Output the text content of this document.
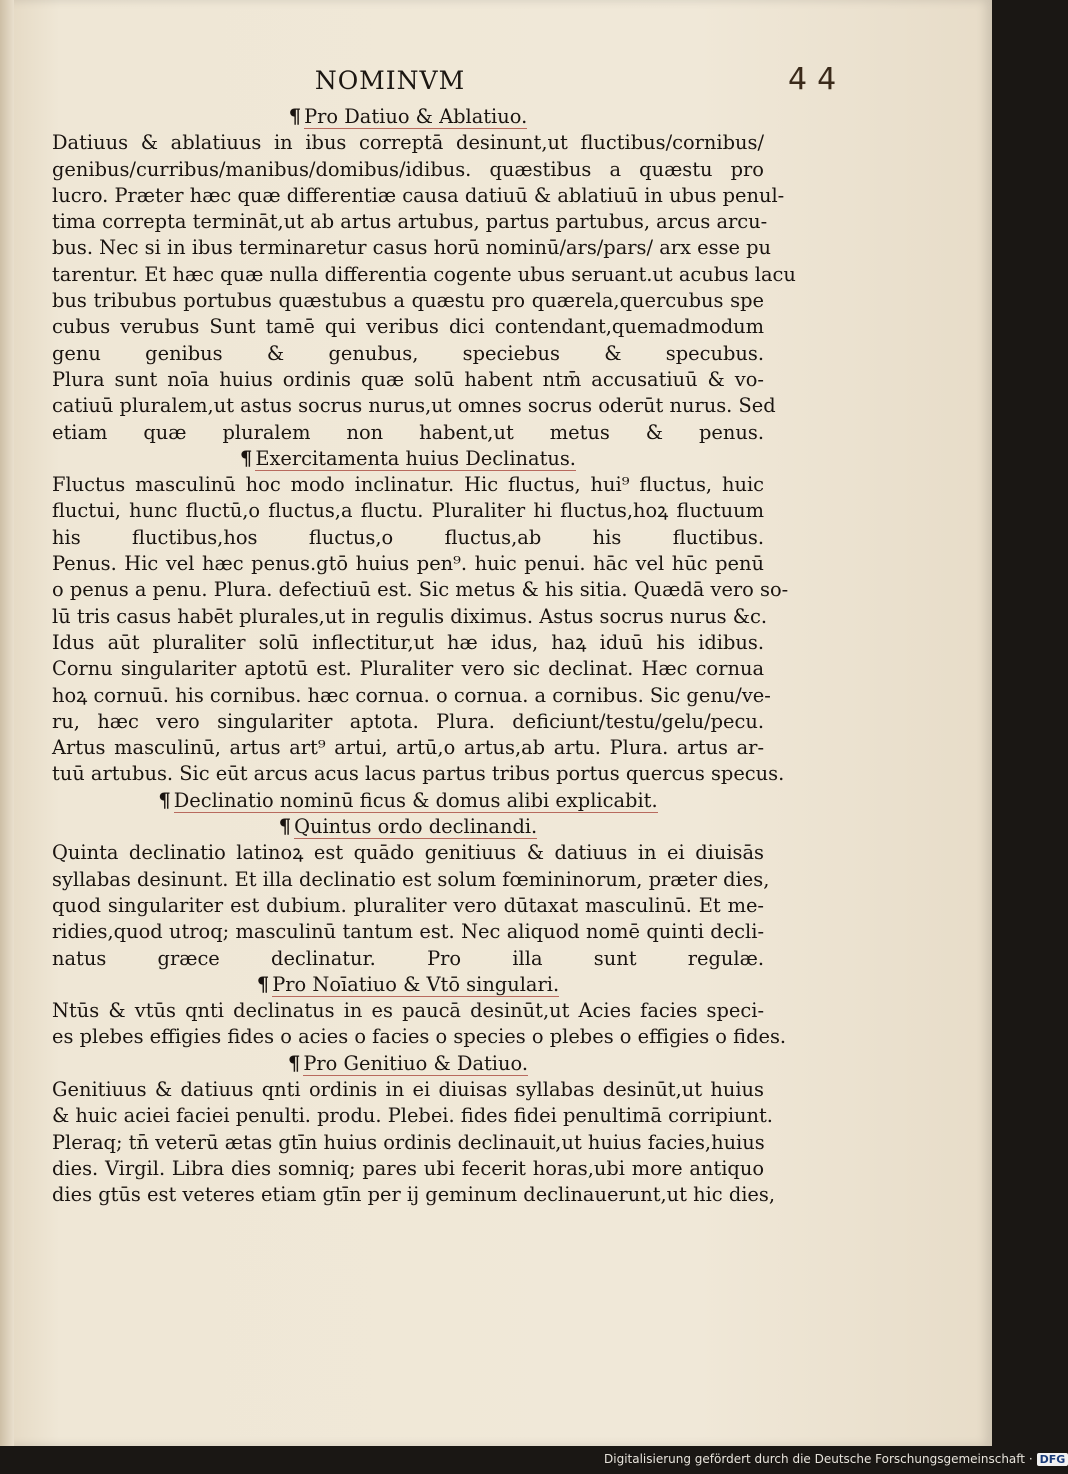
NOMINVM	44
¶ Pro Datiuo & Ablatiuo.
Datiuus & ablatiuus in ibus correptā desinunt,ut fluctibus/cornibus/
genibus/curribus/manibus/domibus/idibus. quæstibus a quæstu pro
lucro. Præter hæc quæ differentiæ causa datiuū & ablatiuū in ubus penul-
tima correpta termināt,ut ab artus artubus, partus partubus, arcus arcu-
bus. Nec si in ibus terminaretur casus horū nominū/ars/pars/ arx esse pu
tarentur. Et hæc quæ nulla differentia cogente ubus seruant.ut acubus lacu
bus tribubus portubus quæstubus a quæstu pro quærela,quercubus spe
cubus verubus Sunt tamē qui veribus dici contendant,quemadmodum
genu genibus & genubus, speciebus & specubus.
Plura sunt noīa huius ordinis quæ solū habent ntm̄ accusatiuū & vo-
catiuū pluralem,ut astus socrus nurus,ut omnes socrus oderūt nurus. Sed
etiam quæ pluralem non habent,ut metus & penus.
¶ Exercitamenta huius Declinatus.
Fluctus masculinū hoc modo inclinatur. Hic fluctus, hui⁹ fluctus, huic
fluctui, hunc fluctū,o fluctus,a fluctu. Pluraliter hi fluctus,hoꝝ fluctuum
his fluctibus,hos fluctus,o fluctus,ab his fluctibus.
Penus. Hic vel hæc penus.gtō huius pen⁹. huic penui. hāc vel hūc penū
o penus a penu. Plura. defectiuū est. Sic metus & his sitia. Quædā vero so-
lū tris casus habēt plurales,ut in regulis diximus. Astus socrus nurus &c.
Idus aūt pluraliter solū inflectitur,ut hæ idus, haꝝ iduū his idibus.
Cornu singulariter aptotū est. Pluraliter vero sic declinat. Hæc cornua
hoꝝ cornuū. his cornibus. hæc cornua. o cornua. a cornibus. Sic genu/ve-
ru, hæc vero singulariter aptota. Plura. deficiunt/testu/gelu/pecu.
Artus masculinū, artus art⁹ artui, artū,o artus,ab artu. Plura. artus ar-
tuū artubus. Sic eūt arcus acus lacus partus tribus portus quercus specus.
¶ Declinatio nominū ficus & domus alibi explicabit.
¶ Quintus ordo declinandi.
Quinta declinatio latinoꝝ est quādo genitiuus & datiuus in ei diuisās
syllabas desinunt. Et illa declinatio est solum fœmininorum, præter dies,
quod singulariter est dubium. pluraliter vero dūtaxat masculinū. Et me-
ridies,quod utroq; masculinū tantum est. Nec aliquod nomē quinti decli-
natus græce declinatur. Pro illa sunt regulæ.
¶ Pro Noīatiuo & Vtō singulari.
Ntūs & vtūs qnti declinatus in es paucā desinūt,ut Acies facies speci-
es plebes effigies fides o acies o facies o species o plebes o effigies o fides.
¶ Pro Genitiuo & Datiuo.
Genitiuus & datiuus qnti ordinis in ei diuisas syllabas desinūt,ut huius
& huic aciei faciei penulti. produ. Plebei. fides fidei penultimā corripiunt.
Pleraq; tn̄ veterū ætas gtīn huius ordinis declinauit,ut huius facies,huius
dies. Virgil. Libra dies somniq; pares ubi fecerit horas,ubi more antiquo
dies gtūs est veteres etiam gtīn per ij geminum declinauerunt,ut hic dies,
Digitalisierung gefördert durch die Deutsche Forschungsgemeinschaft · DFG
